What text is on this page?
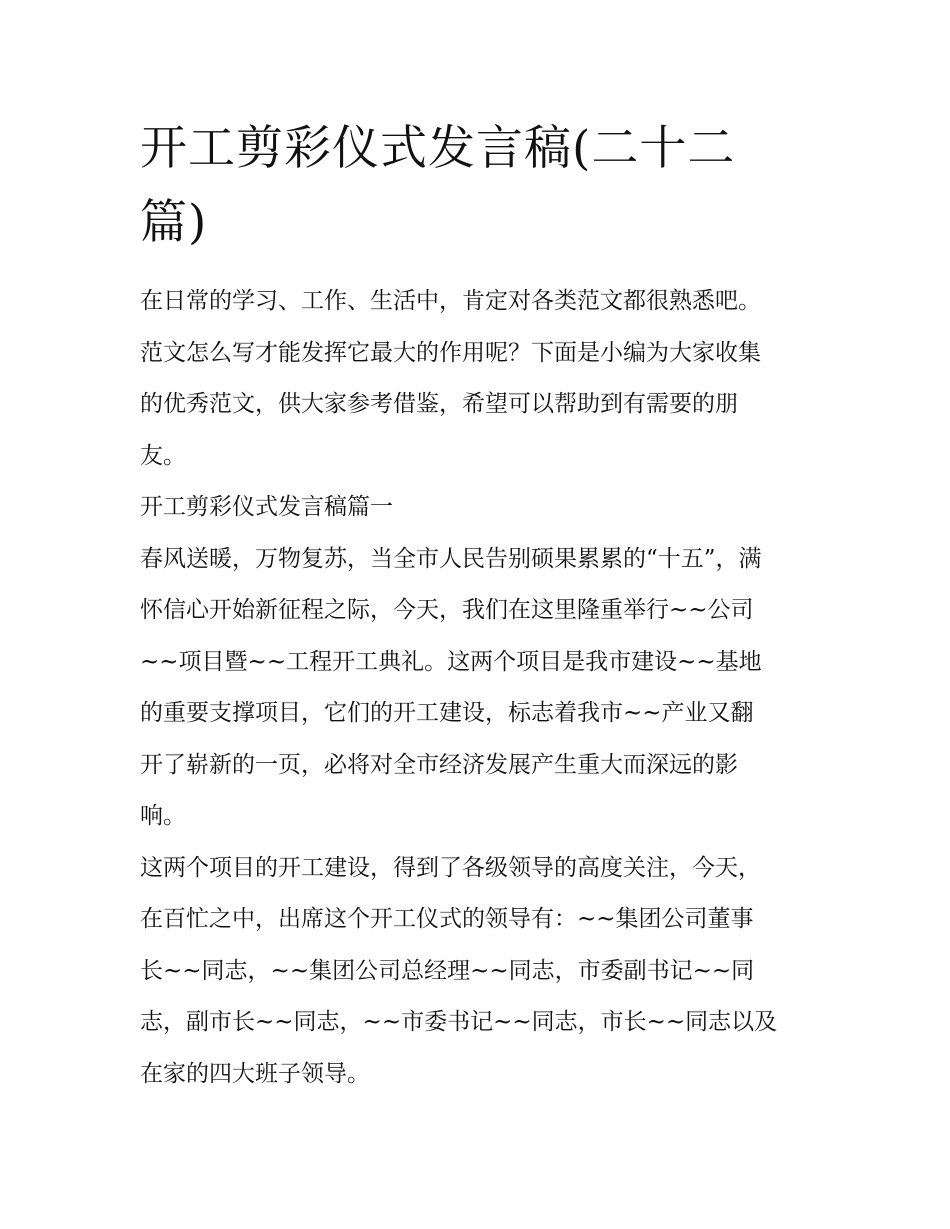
开工剪彩仪式发言稿(二十二
篇)
在日常的学习、工作、生活中，肯定对各类范文都很熟悉吧。
范文怎么写才能发挥它最大的作用呢？下面是小编为大家收集
的优秀范文，供大家参考借鉴，希望可以帮助到有需要的朋
友。
开工剪彩仪式发言稿篇一
春风送暖，万物复苏，当全市人民告别硕果累累的“十五”，满
怀信心开始新征程之际，今天，我们在这里隆重举行~~公司
~~项目暨~~工程开工典礼。这两个项目是我市建设~~基地
的重要支撑项目，它们的开工建设，标志着我市~~产业又翻
开了崭新的一页，必将对全市经济发展产生重大而深远的影
响。
这两个项目的开工建设，得到了各级领导的高度关注，今天，
在百忙之中，出席这个开工仪式的领导有：~~集团公司董事
长~~同志，~~集团公司总经理~~同志，市委副书记~~同
志，副市长~~同志，~~市委书记~~同志，市长~~同志以及
在家的四大班子领导。
